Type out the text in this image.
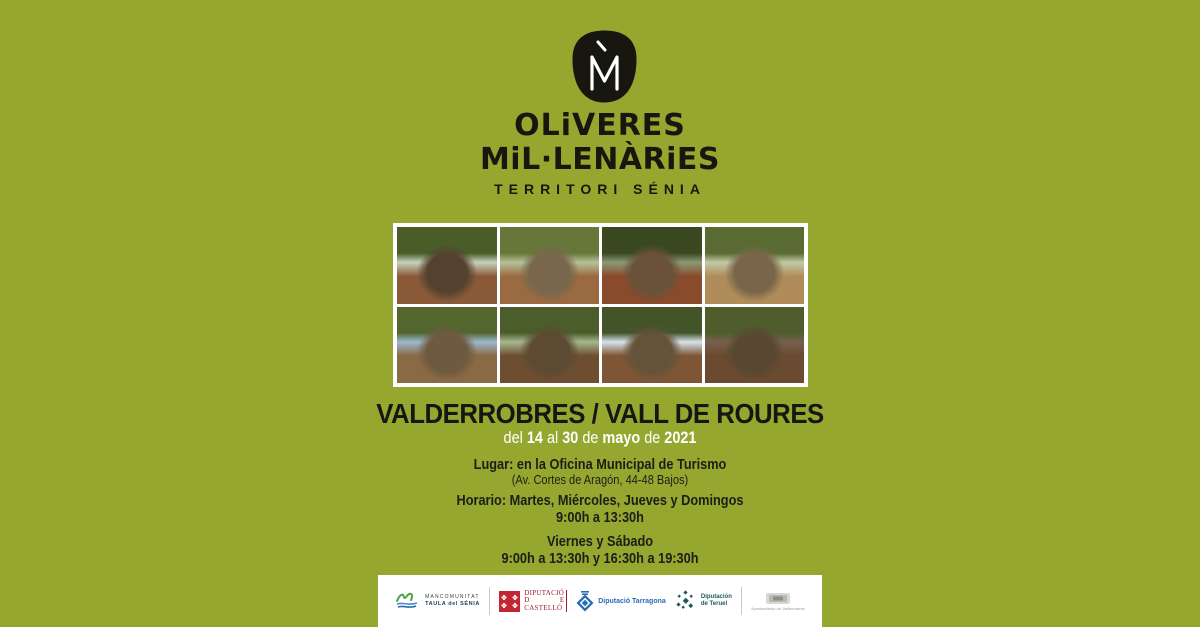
OLiVERES
MiL·LENÀRiES
TERRITORI SÉNIA
VALDERROBRES / VALL DE ROURES
del 14 al 30 de mayo de 2021
Lugar: en la Oficina Municipal de Turismo
(Av. Cortes de Aragón, 44-48 Bajos)
Horario: Martes, Miércoles, Jueves y Domingos
9:00h a 13:30h
Viernes y Sábado
9:00h a 13:30h y 16:30h a 19:30h
MANCOMUNITAT
TAULA del SÉNIA
DIPUTACIÓ
D	E
CASTELLÓ
Diputació Tarragona
Diputación
de Teruel
Ayuntamiento de Valderrobres
